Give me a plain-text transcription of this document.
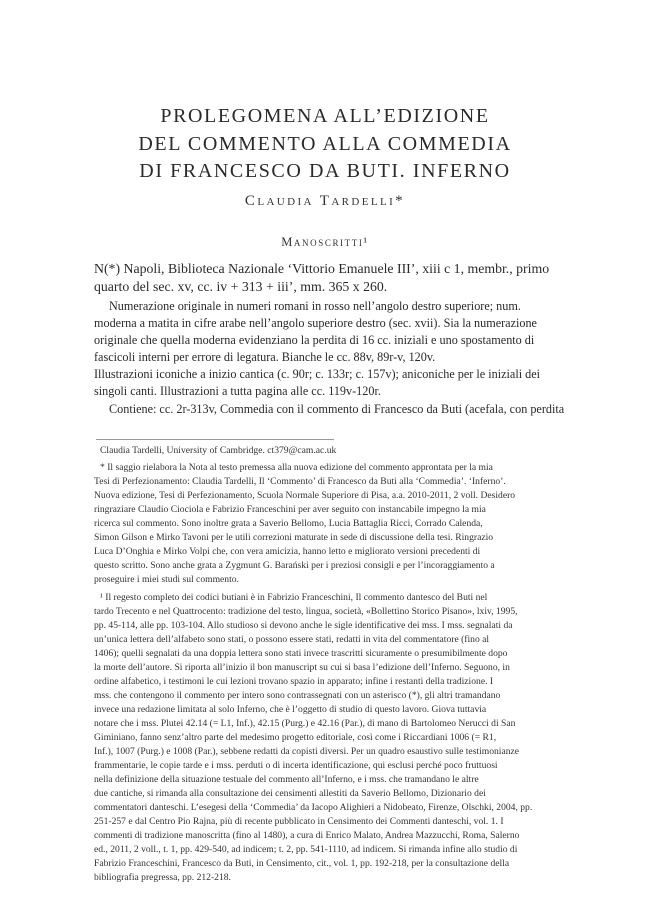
PROLEGOMENA ALL’EDIZIONE
DEL COMMENTO ALLA COMMEDIA
DI FRANCESCO DA BUTI. INFERNO
Claudia Tardelli*
Manoscritti¹
N(*) Napoli, Biblioteca Nazionale ‘Vittorio Emanuele III’, xiii c 1, membr., primo
quarto del sec. xv, cc. iv + 313 + iii’, mm. 365 x 260.
Numerazione originale in numeri romani in rosso nell’angolo destro superiore; num.
moderna a matita in cifre arabe nell’angolo superiore destro (sec. xvii). Sia la numerazione
originale che quella moderna evidenziano la perdita di 16 cc. iniziali e uno spostamento di
fascicoli interni per errore di legatura. Bianche le cc. 88v, 89r-v, 120v.
Illustrazioni iconiche a inizio cantica (c. 90r; c. 133r; c. 157v); aniconiche per le iniziali dei
singoli canti. Illustrazioni a tutta pagina alle cc. 119v-120r.
Contiene: cc. 2r-313v, Commedia con il commento di Francesco da Buti (acefala, con perdita
Claudia Tardelli, University of Cambridge. ct379@cam.ac.uk
* Il saggio rielabora la Nota al testo premessa alla nuova edizione del commento approntata per la mia
Tesi di Perfezionamento: Claudia Tardelli, Il ‘Commento’ di Francesco da Buti alla ‘Commedia’. ‘Inferno’.
Nuova edizione, Tesi di Perfezionamento, Scuola Normale Superiore di Pisa, a.a. 2010-2011, 2 voll. Desidero
ringraziare Claudio Ciociola e Fabrizio Franceschini per aver seguito con instancabile impegno la mia
ricerca sul commento. Sono inoltre grata a Saverio Bellomo, Lucia Battaglia Ricci, Corrado Calenda,
Simon Gilson e Mirko Tavoni per le utili correzioni maturate in sede di discussione della tesi. Ringrazio
Luca D’Onghia e Mirko Volpi che, con vera amicizia, hanno letto e migliorato versioni precedenti di
questo scritto. Sono anche grata a Zygmunt G. Barański per i preziosi consigli e per l’incoraggiamento a
proseguire i miei studi sul commento.
¹ Il regesto completo dei codici butiani è in Fabrizio Franceschini, Il commento dantesco del Buti nel
tardo Trecento e nel Quattrocento: tradizione del testo, lingua, società, «Bollettino Storico Pisano», lxiv, 1995,
pp. 45-114, alle pp. 103-104. Allo studioso si devono anche le sigle identificative dei mss. I mss. segnalati da
un’unica lettera dell’alfabeto sono stati, o possono essere stati, redatti in vita del commentatore (fino al
1406); quelli segnalati da una doppia lettera sono stati invece trascritti sicuramente o presumibilmente dopo
la morte dell’autore. Si riporta all’inizio il bon manuscript su cui si basa l’edizione dell’Inferno. Seguono, in
ordine alfabetico, i testimoni le cui lezioni trovano spazio in apparato; infine i restanti della tradizione. I
mss. che contengono il commento per intero sono contrassegnati con un asterisco (*), gli altri tramandano
invece una redazione limitata al solo Inferno, che è l’oggetto di studio di questo lavoro. Giova tuttavia
notare che i mss. Plutei 42.14 (= L1, Inf.), 42.15 (Purg.) e 42.16 (Par.), di mano di Bartolomeo Nerucci di San
Giminiano, fanno senz’altro parte del medesimo progetto editoriale, così come i Riccardiani 1006 (= R1,
Inf.), 1007 (Purg.) e 1008 (Par.), sebbene redatti da copisti diversi. Per un quadro esaustivo sulle testimonianze
frammentarie, le copie tarde e i mss. perduti o di incerta identificazione, qui esclusi perché poco fruttuosi
nella definizione della situazione testuale del commento all’Inferno, e i mss. che tramandano le altre
due cantiche, si rimanda alla consultazione dei censimenti allestiti da Saverio Bellomo, Dizionario dei
commentatori danteschi. L’esegesi della ‘Commedia’ da Iacopo Alighieri a Nidobeato, Firenze, Olschki, 2004, pp.
251-257 e dal Centro Pio Rajna, più di recente pubblicato in Censimento dei Commenti danteschi, vol. 1. I
commenti di tradizione manoscritta (fino al 1480), a cura di Enrico Malato, Andrea Mazzucchi, Roma, Salerno
ed., 2011, 2 voll., t. 1, pp. 429-540, ad indicem; t. 2, pp. 541-1110, ad indicem. Si rimanda infine allo studio di
Fabrizio Franceschini, Francesco da Buti, in Censimento, cit., vol. 1, pp. 192-218, per la consultazione della
bibliografia pregressa, pp. 212-218.
